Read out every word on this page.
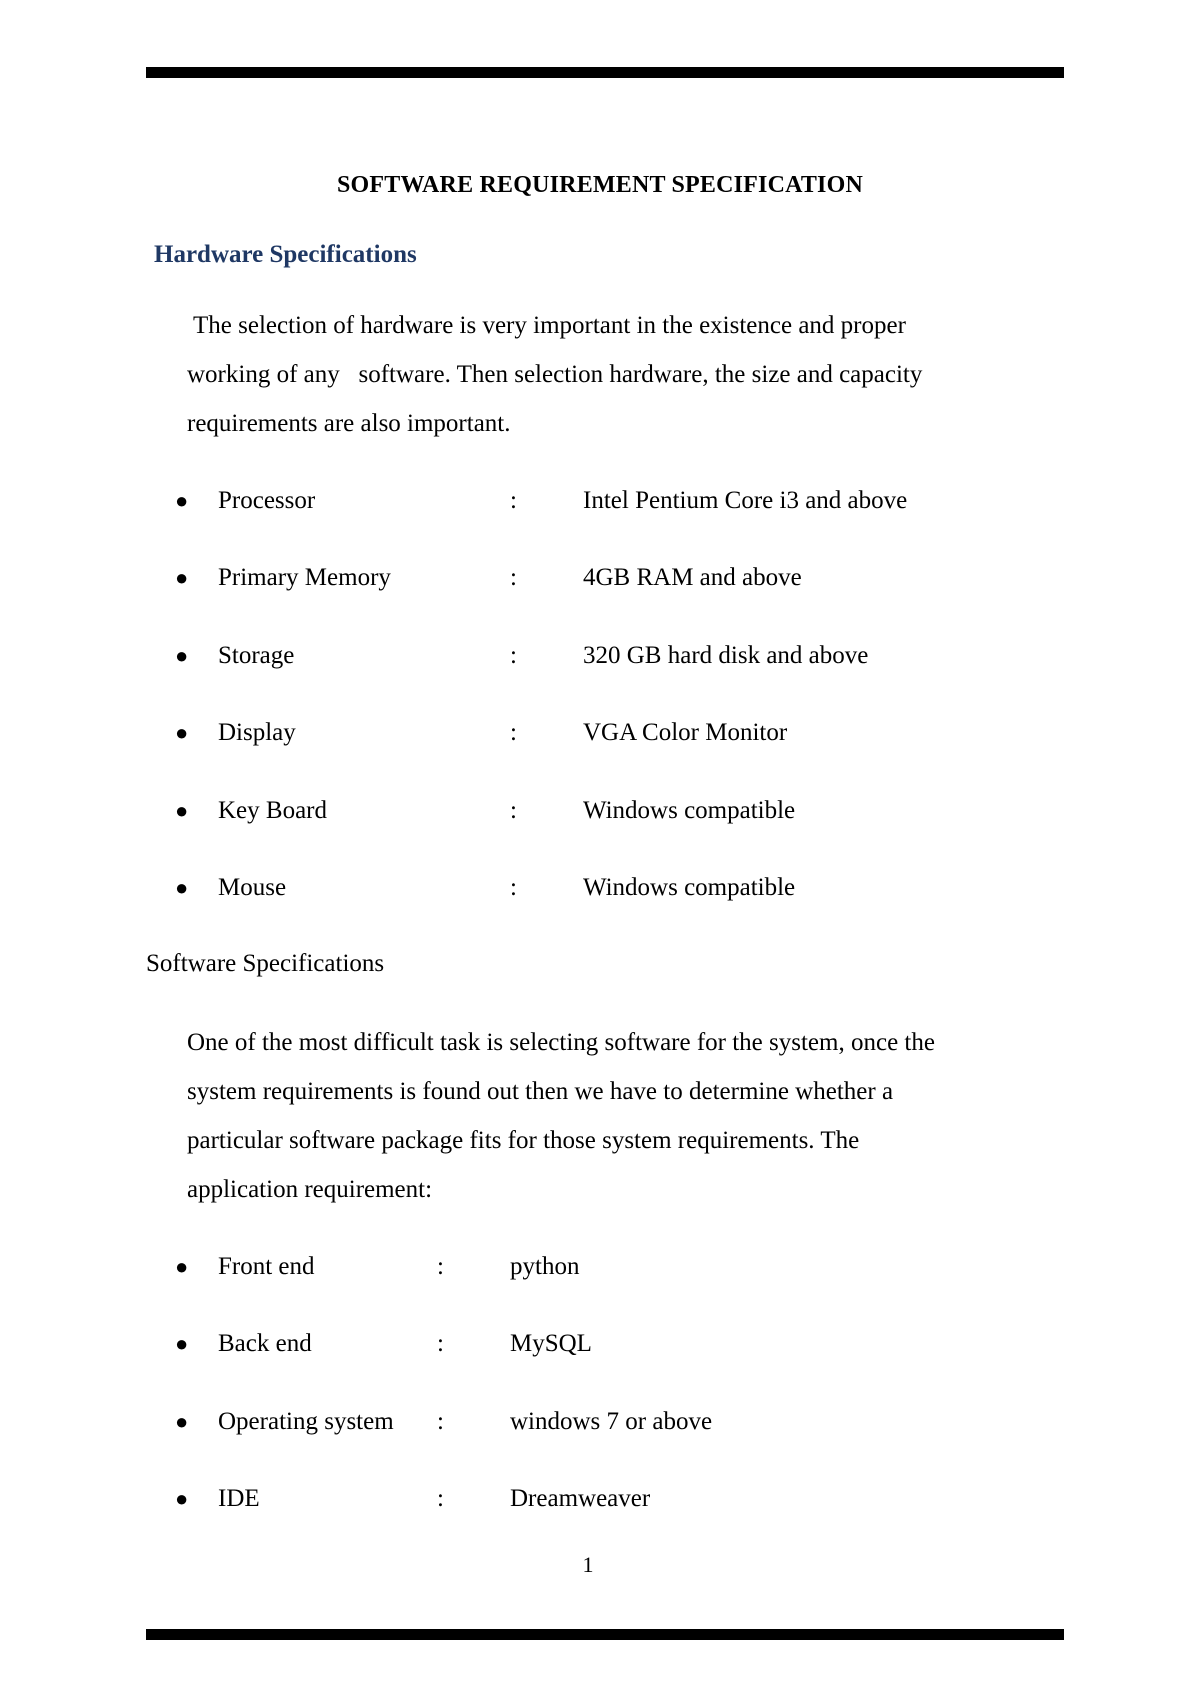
SOFTWARE REQUIREMENT SPECIFICATION
Hardware Specifications
The selection of hardware is very important in the existence and proper
working of any   software. Then selection hardware, the size and capacity
requirements are also important.
● Processor	:	Intel Pentium Core i3 and above
● Primary Memory	:	4GB RAM and above
● Storage	:	320 GB hard disk and above
● Display	:	VGA Color Monitor
● Key Board	:	Windows compatible
● Mouse	:	Windows compatible
Software Specifications
One of the most difficult task is selecting software for the system, once the
system requirements is found out then we have to determine whether a
particular software package fits for those system requirements. The
application requirement:
● Front end	:	python
● Back end	:	MySQL
● Operating system :	windows 7 or above
● IDE	:	Dreamweaver
1
